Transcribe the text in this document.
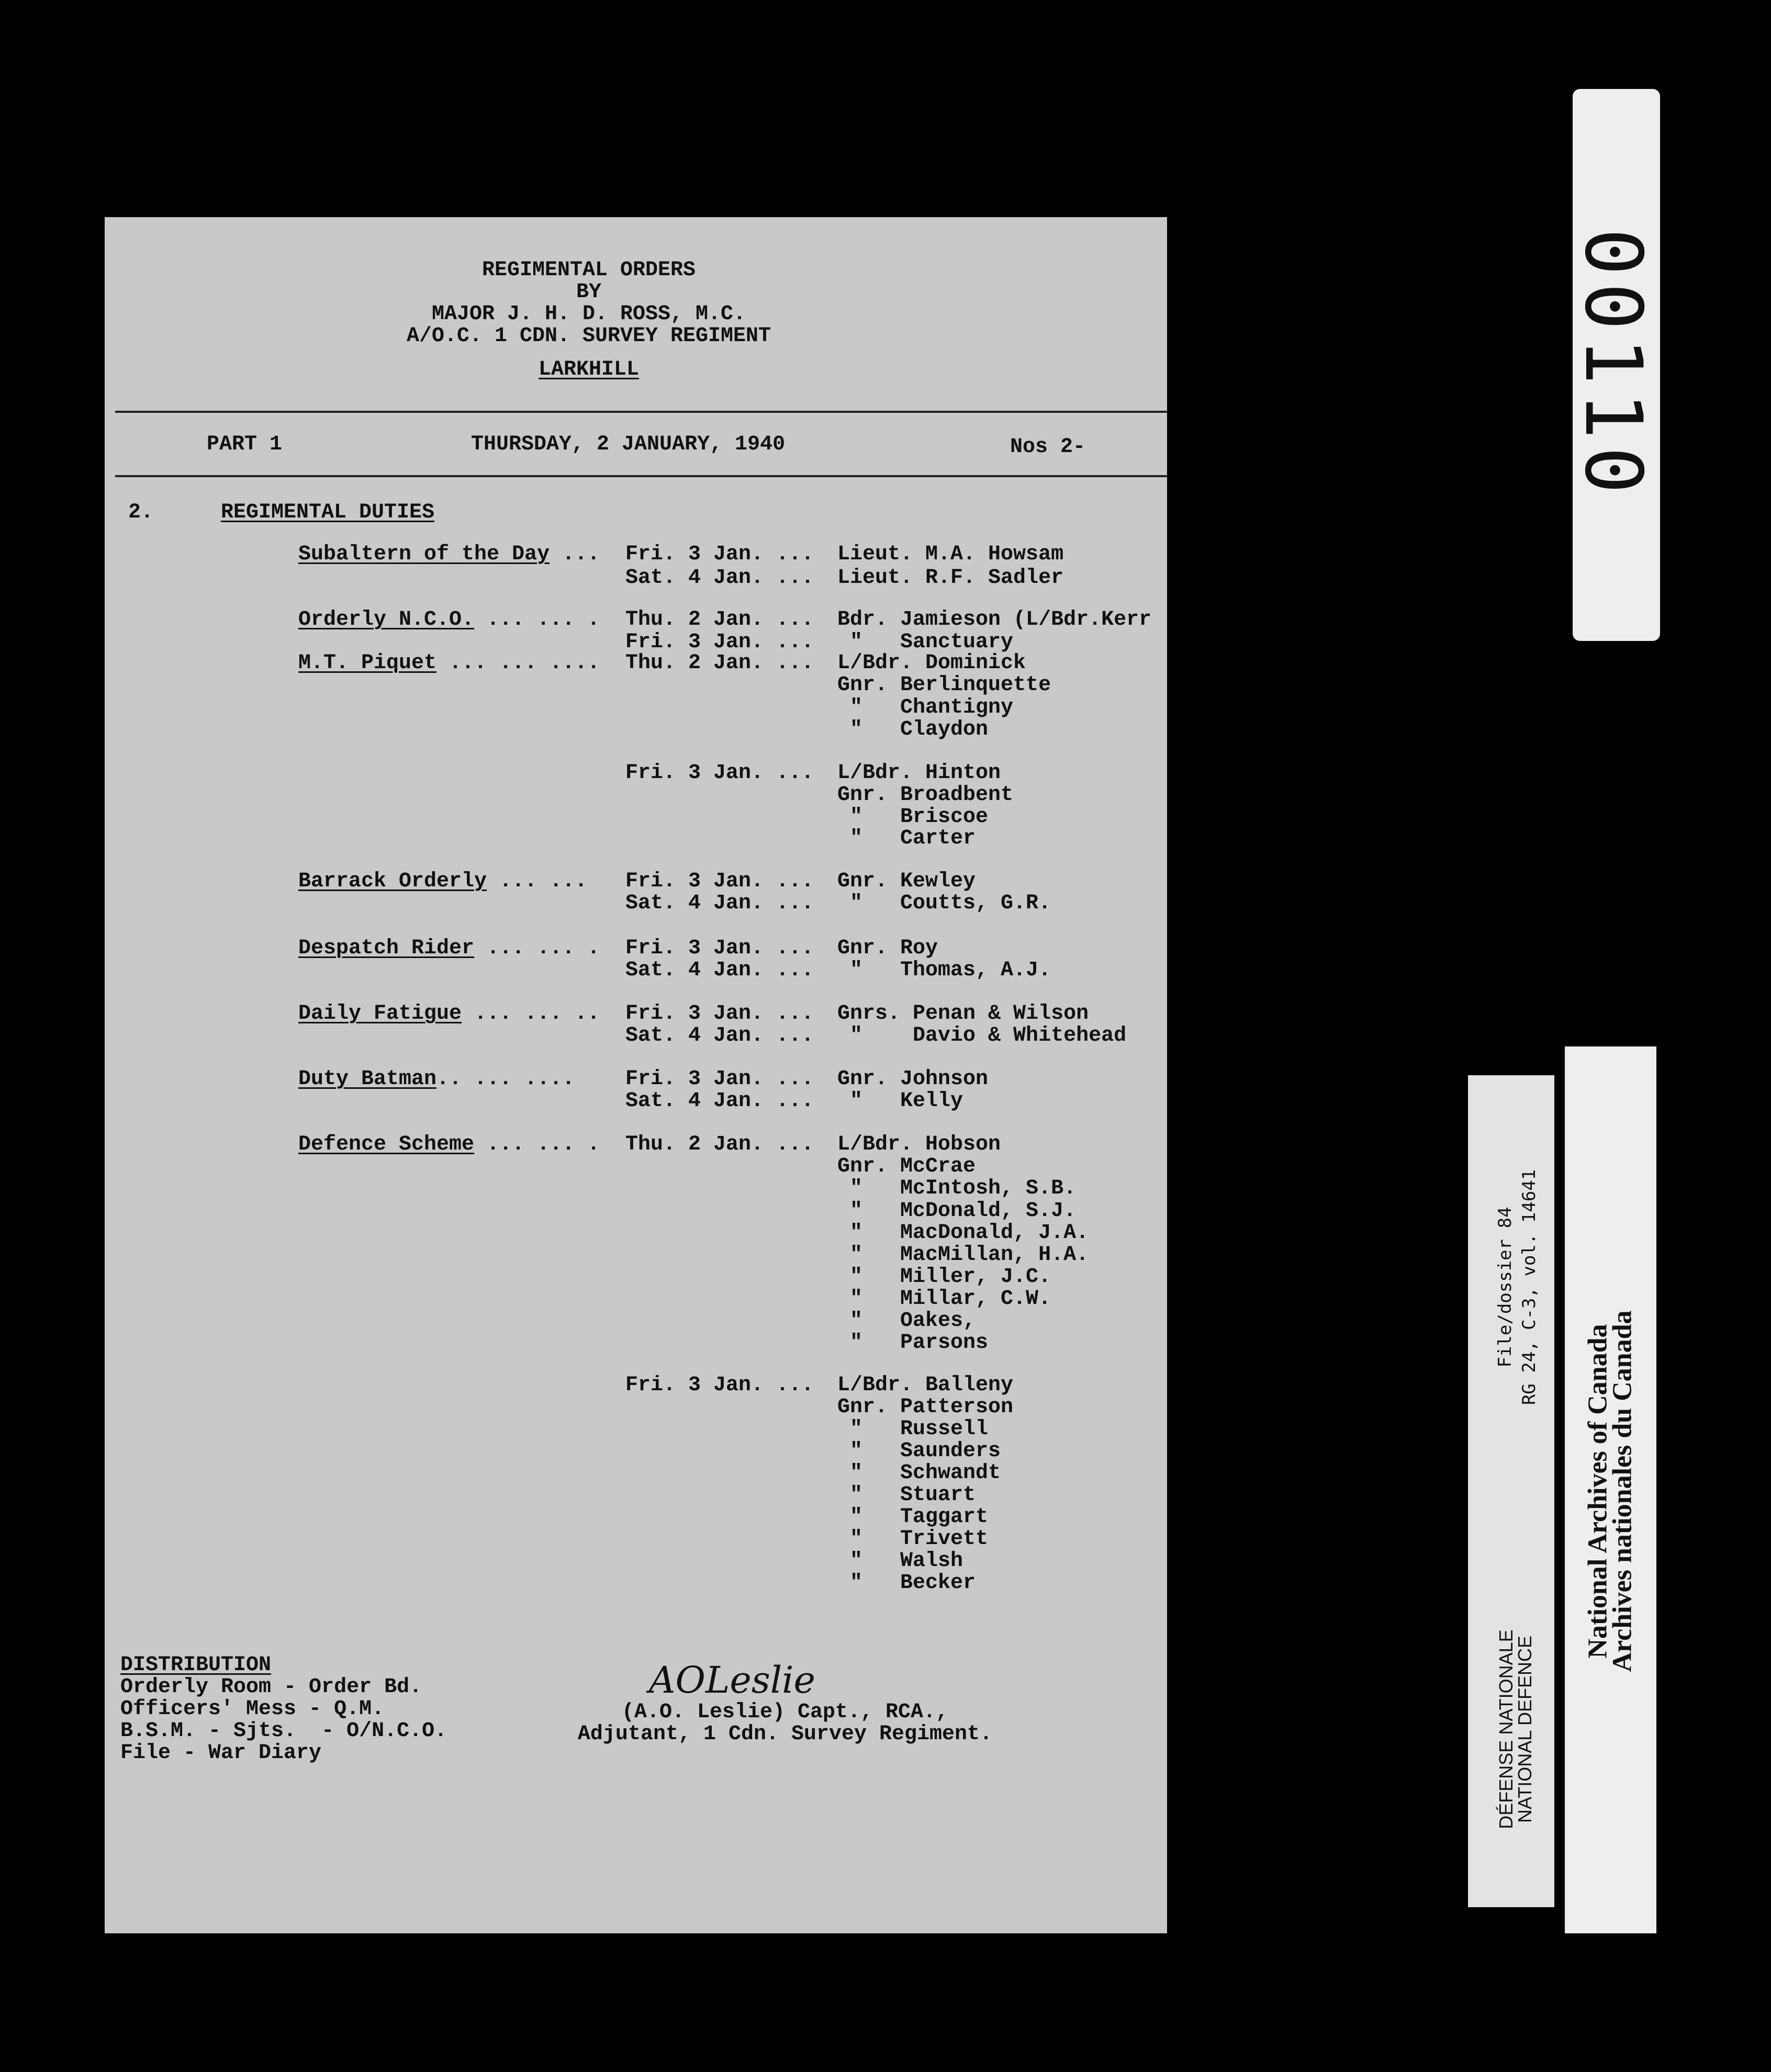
REGIMENTAL ORDERS
BY
MAJOR J. H. D. ROSS, M.C.
A/O.C. 1 CDN. SURVEY REGIMENT
LARKHILL
PART 1	THURSDAY, 2 JANUARY, 1940	Nos 2-
2.	REGIMENTAL DUTIES
Subaltern of the Day ... Fri. 3 Jan. ... Lieut. M.A. Howsam
Sat. 4 Jan. ... Lieut. R.F. Sadler
Orderly N.C.O. ... ... . Thu. 2 Jan. ... Bdr. Jamieson (L/Bdr.Kerr
Fri. 3 Jan. ... "   Sanctuary
M.T. Piquet ... ... .... Thu. 2 Jan. ... L/Bdr. Dominick
Gnr. Berlinquette
"   Chantigny
"   Claydon
Fri. 3 Jan. ... L/Bdr. Hinton
Gnr. Broadbent
"   Briscoe
"   Carter
Barrack Orderly ... ... Fri. 3 Jan. ... Gnr. Kewley
Sat. 4 Jan. ... "   Coutts, G.R.
Despatch Rider ... ... . Fri. 3 Jan. ... Gnr. Roy
Sat. 4 Jan. ... "   Thomas, A.J.
Daily Fatigue ... ... .. Fri. 3 Jan. ... Gnrs. Penan & Wilson
Sat. 4 Jan. ... "    Davio & Whitehead
Duty Batman.. ... .... Fri. 3 Jan. ... Gnr. Johnson
Sat. 4 Jan. ... "   Kelly
Defence Scheme ... ... . Thu. 2 Jan. ... L/Bdr. Hobson
Gnr. McCrae
"   McIntosh, S.B.
"   McDonald, S.J.
"   MacDonald, J.A.
"   MacMillan, H.A.
"   Miller, J.C.
"   Millar, C.W.
"   Oakes,
"   Parsons
Fri. 3 Jan. ... L/Bdr. Balleny
Gnr. Patterson
"   Russell
"   Saunders
"   Schwandt
"   Stuart
"   Taggart
"   Trivett
"   Walsh
"   Becker
DISTRIBUTION
Orderly Room - Order Bd.
Officers' Mess - Q.M.
B.S.M. - Sjts.  - O/N.C.O.
File - War Diary
AOLeslie
(A.O. Leslie) Capt., RCA.,
Adjutant, 1 Cdn. Survey Regiment.
00110
RG 24, C-3, vol. 14641
File/dossier 84
NATIONAL DEFENCE
DÉFENSE NATIONALE
National Archives of Canada
Archives nationales du Canada
